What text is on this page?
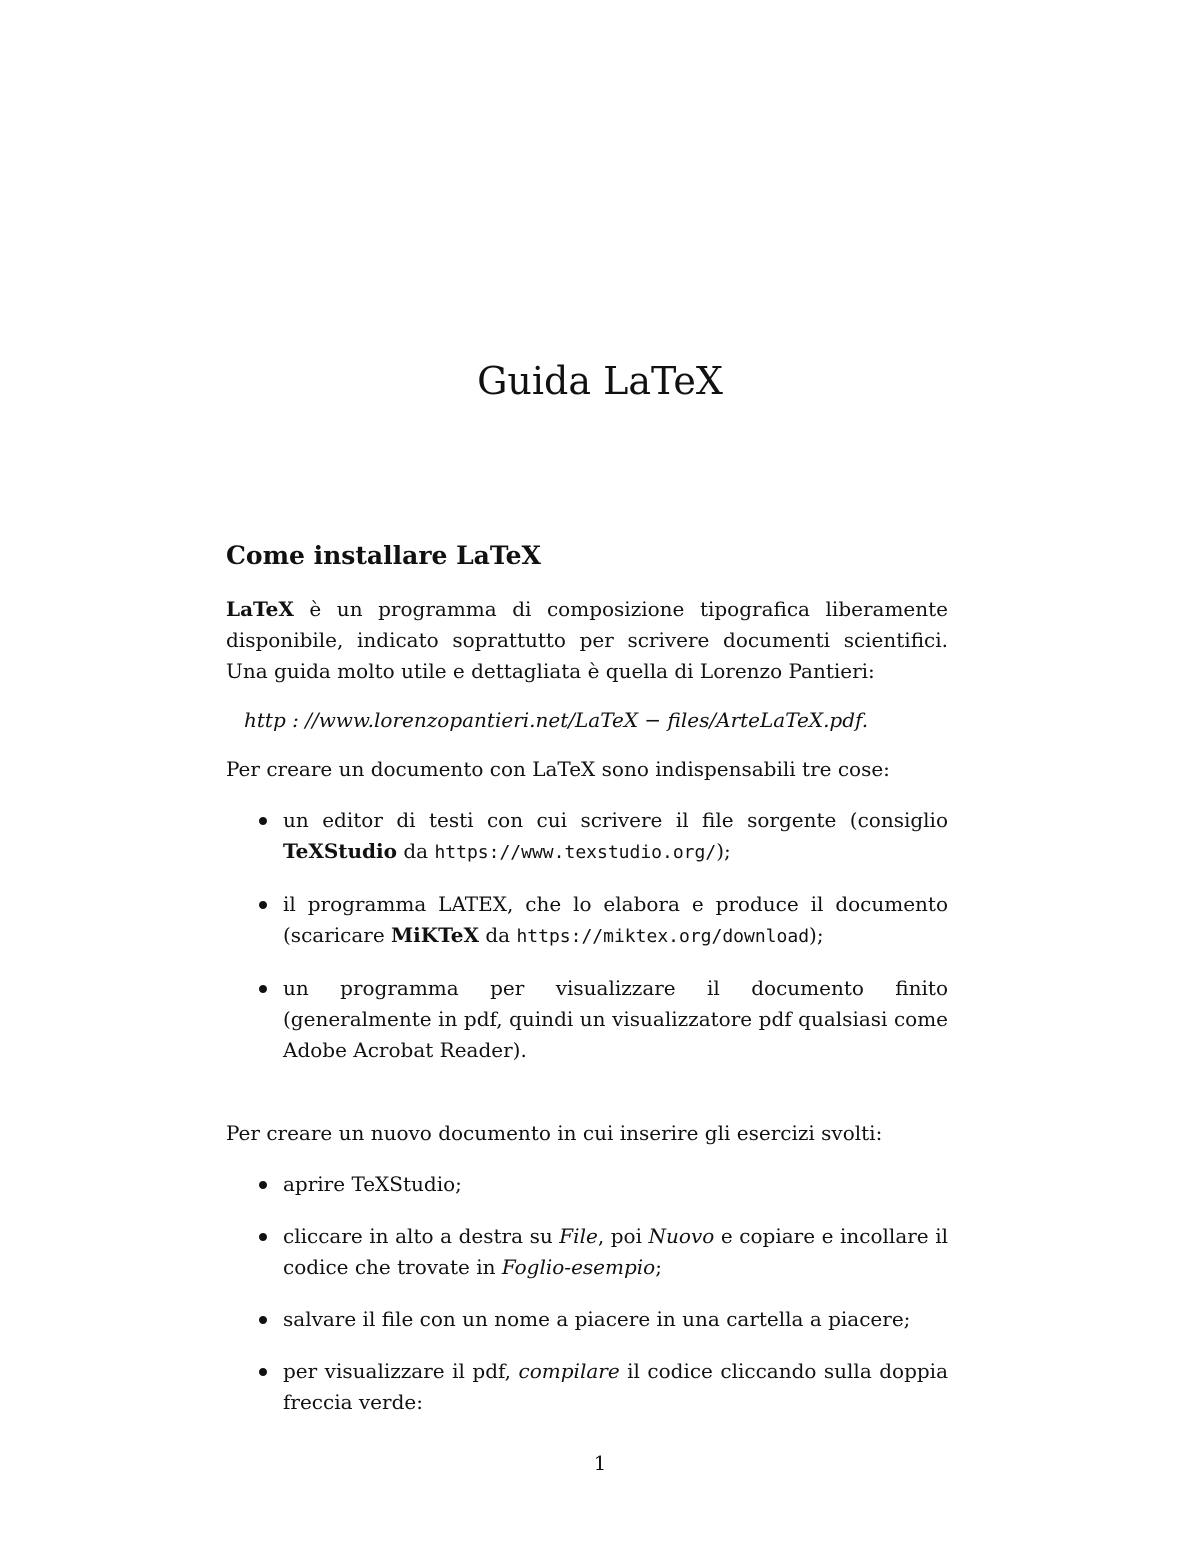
Guida LaTeX
Come installare LaTeX

LaTeX è un programma di composizione tipografica liberamente disponibile, indicato soprattutto per scrivere documenti scientifici. Una guida molto utile e dettagliata è quella di Lorenzo Pantieri:

http : //www.lorenzopantieri.net/LaTeX − files/ArteLaTeX.pdf.

Per creare un documento con LaTeX sono indispensabili tre cose:

un editor di testi con cui scrivere il file sorgente (consiglio TeXStudio da https://www.texstudio.org/);
il programma LATEX, che lo elabora e produce il documento (scaricare MiKTeX da https://miktex.org/download);
un programma per visualizzare il documento finito (generalmente in pdf, quindi un visualizzatore pdf qualsiasi come Adobe Acrobat Reader).

Per creare un nuovo documento in cui inserire gli esercizi svolti:

aprire TeXStudio;
cliccare in alto a destra su File, poi Nuovo e copiare e incollare il codice che trovate in Foglio-esempio;
salvare il file con un nome a piacere in una cartella a piacere;
per visualizzare il pdf, compilare il codice cliccando sulla doppia freccia verde:
1
